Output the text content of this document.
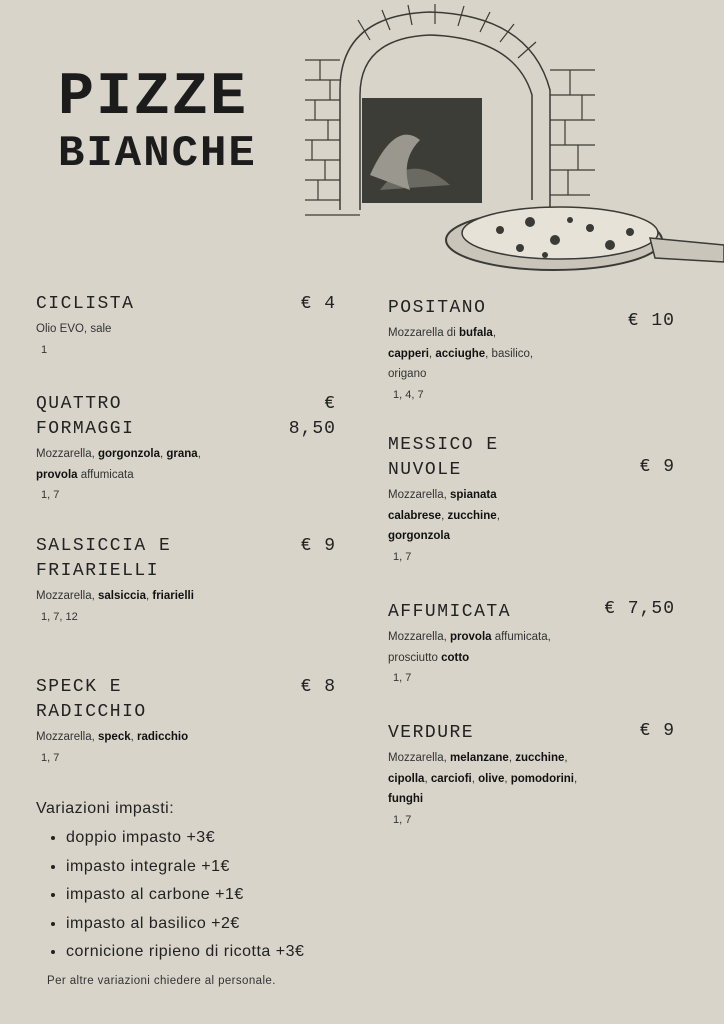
PIZZE
BIANCHE
CICLISTA
Olio EVO, sale
1
€ 4
QUATTRO FORMAGGI
Mozzarella, gorgonzola, grana, provola affumicata
1, 7
€ 8,50
SALSICCIA E FRIARIELLI
Mozzarella, salsiccia, friarielli
1, 7, 12
€ 9
SPECK E RADICCHIO
Mozzarella, speck, radicchio
1, 7
€ 8
POSITANO
Mozzarella di bufala, capperi, acciughe, basilico, origano
1, 4, 7
€ 10
MESSICO E NUVOLE
Mozzarella, spianata calabrese, zucchine, gorgonzola
1, 7
€ 9
AFFUMICATA
Mozzarella, provola affumicata, prosciutto cotto
1, 7
€ 7,50
VERDURE
Mozzarella, melanzane, zucchine, cipolla, carciofi, olive, pomodorini, funghi
1, 7
€ 9
Variazioni impasti:
• doppio impasto +3€
• impasto integrale +1€
• impasto al carbone +1€
• impasto al basilico +2€
• cornicione ripieno di ricotta +3€
Per altre variazioni chiedere al personale.
